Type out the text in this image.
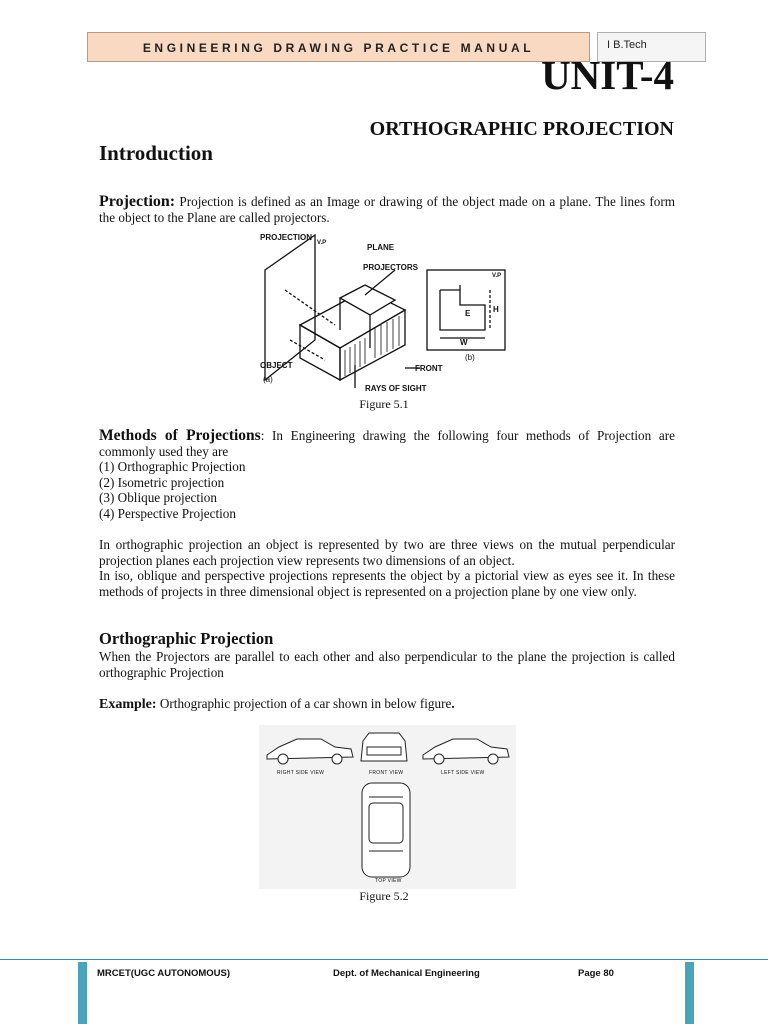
ENGINEERING DRAWING PRACTICE MANUAL	I B.Tech
UNIT-4
ORTHOGRAPHIC PROJECTION
Introduction
Projection: Projection is defined as an Image or drawing of the object made on a plane. The lines form the object to the Plane are called projectors.
PROJECTION
V.P	PLANE
PROJECTORS
OBJECT
(a)
FRONT
RAYS OF SIGHT
(b)
V.P
E	H
W
Figure 5.1
Methods of Projections: In Engineering drawing the following four methods of Projection are commonly used they are
(1) Orthographic Projection
(2) Isometric projection
(3) Oblique projection
(4) Perspective Projection
In orthographic projection an object is represented by two are three views on the mutual perpendicular projection planes each projection view represents two dimensions of an object.
In iso, oblique and perspective projections represents the object by a pictorial view as eyes see it. In these methods of projects in three dimensional object is represented on a projection plane by one view only.
Orthographic Projection
When the Projectors are parallel to each other and also perpendicular to the plane the projection is called orthographic Projection
Example: Orthographic projection of a car shown in below figure.
RIGHT SIDE VIEW	FRONT VIEW	LEFT SIDE VIEW
TOP VIEW
Figure 5.2
MRCET(UGC AUTONOMOUS)	Dept. of Mechanical Engineering	Page 80
